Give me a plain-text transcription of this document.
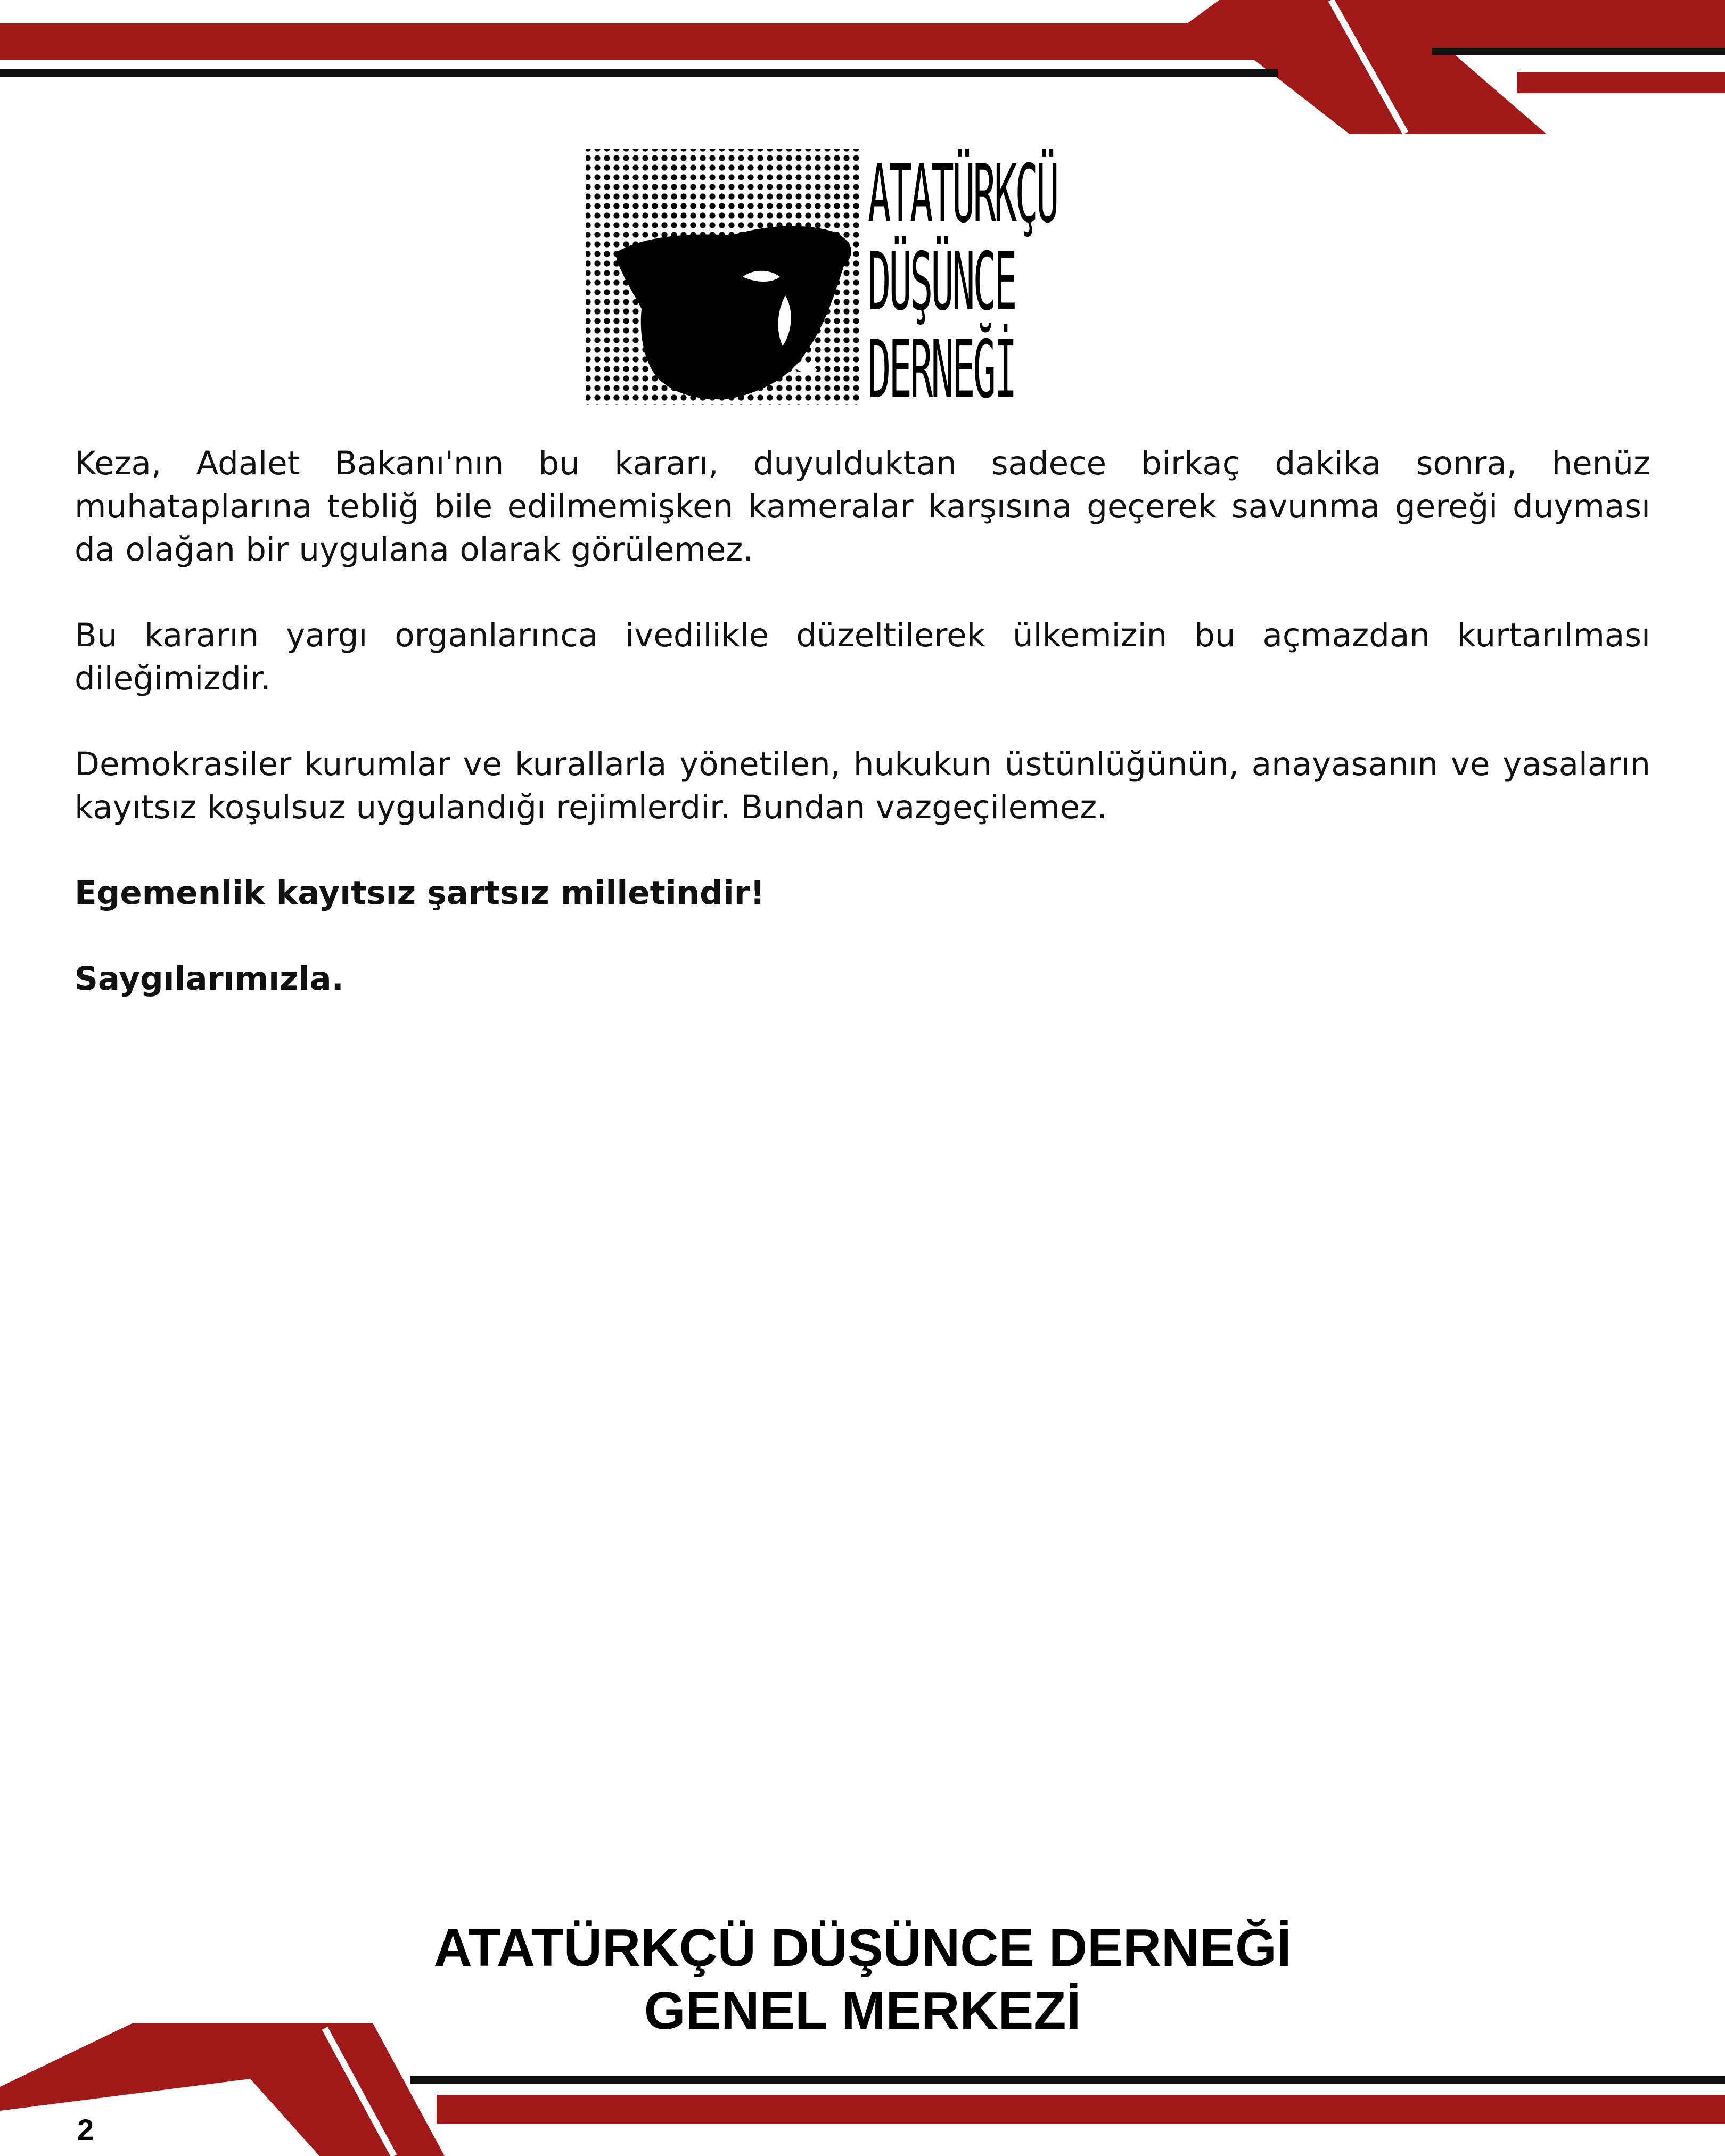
ATATÜRKÇÜ
DÜŞÜNCE
DERNEĞİ

Keza, Adalet Bakanı'nın bu kararı, duyulduktan sadece birkaç dakika sonra, henüz muhataplarına tebliğ bile edilmemişken kameralar karşısına geçerek savunma gereği duyması da olağan bir uygulana olarak görülemez.

Bu kararın yargı organlarınca ivedilikle düzeltilerek ülkemizin bu açmazdan kurtarılması dileğimizdir.

Demokrasiler kurumlar ve kurallarla yönetilen, hukukun üstünlüğünün, anayasanın ve yasaların kayıtsız koşulsuz uygulandığı rejimlerdir. Bundan vazgeçilemez.

Egemenlik kayıtsız şartsız milletindir!

Saygılarımızla.

ATATÜRKÇÜ DÜŞÜNCE DERNEĞİ
GENEL MERKEZİ
2
